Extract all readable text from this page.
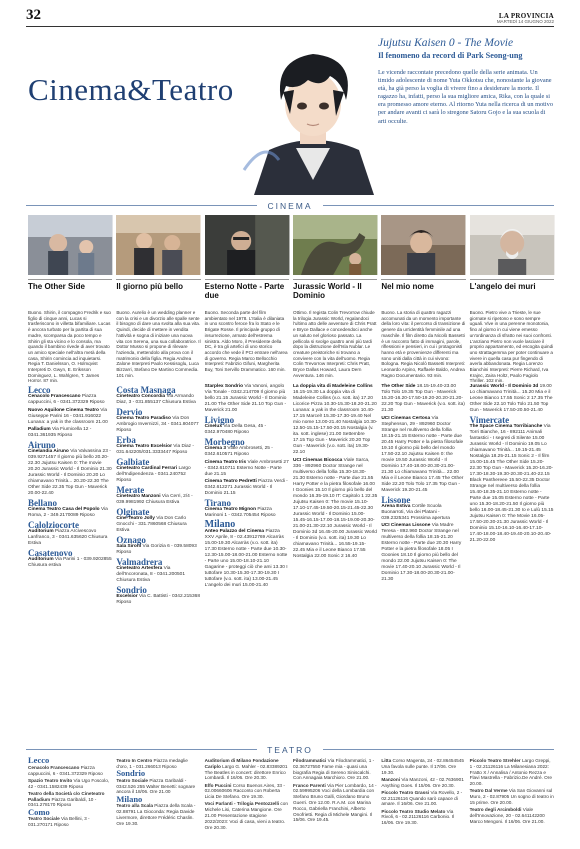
32	LA PROVINCIA
MARTEDÌ 14 GIUGNO 2022
Cinema&Teatro
Jujutsu Kaisen 0 - The Movie
Il fenomeno da record di Park Seong-ung
Le vicende raccontate precedono quelle della serie animata. Un timido adolescente di nome Yuta Okkotsu che, nonostante la giovane età, ha già perso la voglia di vivere fino a desiderare la morte. Il ragazzo ha, infatti, perso la sua migliore amica, Rika, con la quale si era promesso amore eterno. Al ritorno Yuta nella ricerca di un motivo per andare avanti ci sarà lo stregone Satoru Gojo e la sua scuola di arti occulte.
CINEMA
The Other Side	Il giorno più bello	Esterno Notte - Parte due
Jurassic World - Il Dominio
Nel mio nome	L'angelo dei muri
Buono. Shirin, il compagno Fredrik e suo figlio di cinque anni, Lucas si trasferiscono in villetta bifamiliare. Lucas è ancora turbato per la partita di sua madre, scomparsa da poco tempo e Shirin gli sta vicino e lo consola, ma quando il bambino rivede di aver trovato un amico speciale nell'altra metà della casa, Shirin comincia ad inquietarsi. Regia T. Danielsson, O. Holmqvist Interpreti D. Gwyn, E. Eriksson Dominguez, L. Wahlgren, T. James Horror. 87 min.
Buono. Aurelio è un wedding planner e con la crisi e un divorzio alle spalle sente il bisogno di dare una svolta alla sua vita. Quindi, decide di mettere in vendita l'attività e sogna di iniziare una nuova vita con Serena, una sua collaboratrice. Il Dottor Musso si propone di rilevare l'azienda, mettendolo alla prova con il matrimonio della figlia. Regia Andrea Zalone Interpreti Paolo Kessisoglu, Luca Bizzarri, Stefano De Martino Commedia. 101 min.
Buono. Seconda parte del film ambientato nel 1978. L'Italia è dilaniata in uno scontro feroce fra lo Stato e le Brigate Rosse. Il principale gruppo di insurrezione, armato dell'estrema sinistra. Aldo Moro, il Presidente della DC, è tra gli artefici di uno storico accordo che vede il PCI entrare nell'area di governo. Regia Marco Bellocchio Interpreti: Fabrizio Gifuni, Margherita Buy, Toni Servillo Drammatico. 160 min.
Ottimo. Il regista Colin Trevorrow chiude la trilogia Jurassic World, regalandoci l'ultimo atto delle avventure di Chris Pratt e Bryce Dallace e concedendoci anche un saluto nel glorioso passato. La pellicola si svolge quattro anni più tardi dopo la distruzione dell'Isla Nublar. Le creature preistoriche si trovano a convivere con la vita dell'uomo. Regia Colin Trevorrow Interpreti: Chris Pratt, Bryce Dallas Howard, Laura Dern Avventura. 146 min.
Buono. La storia di quattro ragazzi accomunati da un momento importante della loro vita: il percorso di transizione di genere da un'identità femminile ad una maschile. Il film diretto da Nicolò Bassetti è un racconto fatto di immagini, parole, riflessioni e pensieri, in cui i protagonisti hanno età e provenienze differenti ma sono uniti dalla città in cui vivono: Bologna. Regia Nicolò Bassetti Interpreti: Leonardo Arpino, Raffaele Baldo, Andrea Ragno Documentario. 93 min.
Buono. Pietro vive a Trieste, le sue giornate si ripetono e sono sempre uguali. Vive in una perenne monotonia, fino al giorno in cui viene emesso un'ordinanza di sfratto nei suoi confronti. L'anziano Pietro non vuole lasciare il proprio appartamento, ed escogita quindi uno strattagemma per poter continuare a vivere in quella casa pur fingendo di averla abbandonata. Regia Lorenzo Bianchini Interpreti: Pierre Richard, Iva Krajnc, Zaira Holtz, Paolo Fagiolo Thriller. 102 min.
Lecco

Cenacolo Francescano Piazza cappuccini, 6 - 0341.372329 Riposo

Nuovo Aquilone Cinema Teatro Via Giuseppe Parini 16 - 0341.916022 Lunana: a yak in the classroom 21.00

Palladium Via Fiumicella 12 - 0341.361935 Riposo

Airuno

Cinelandia Airuno Via Valvassina 23 - 039.9271457 Il giorno più bello 20.20-22.30 Jujutsu Kaisen 0: The movie 20.20 Jurassic World - Il Dominio 21.30 Jurassic World - Il Dominio 20.20 Lo chiamavano Trinità... 20.20-22.30 The Other Side 22.35 Top Gun - Maverick 20.00-22.40

Bellano

Cinema Teatro Casa del Popolo Via Roma, 2 - 349.2170089 Riposo

Calolziocorte

Auditorium Piazza Arcivescovo Lanfranco, 3 - 0341.635620 Chiusura Estiva

Casatenovo

Auditorium Via Parini 1 - 039.9202855 Chiusura estiva

Costa Masnaga

Cineteatro Concordia Via Armando Diaz, 3 - 031.855137 Chiusura Estiva

Dervio

Cinema Teatro Paradiso Via Don Ambrogio Invernizzi, 34 - 0341.804077 Riposo

Erba

Cinema Teatro Excelsior Via Diaz - 031.642205/031.3333447 Riposo

Galbiate

Cineteatro Cardinal Ferrari Largo dell'Indipendenza - 0341.240752 Riposo

Merate

Cineteatro Manzoni Via Cerri, 2/4 - 039.9981992 Chiusura Estiva

Olginate

Cine-Teatro Jolly Via Don Carlo Gnocchi - 331.7860568 Chiusura Estiva

Oznago

Sala Sironi Via Gorizia 6 - 039.58093 Riposo

Valmadrera

Cineteatro Artesfera Via dell'Incoronata, 8 - 0341.200501 Chiusura Estiva

Sondrio

Excelsior Via C. Battisti - 0342.215368 Riposo

Starplex Sondrio Via Vanoni, angolo Via Tonale - 0342.214709 Il giorno più bello 21.15 Jurassic World - Il Dominio 21.00 The Other Side 21.10 Top Gun - Maverick 21.00

Livigno

Cinelux Via Della Gesa, 45 - 0342.970480 Riposo

Morbegno

Cinema 3 Viale Ambrosetti, 25 - 0342.610571 Riposo

Cinema Teatro Iris Viale Ambrosetti 27 - 0342.610711 Esterno Notte - Parte due 21.15

Cinema Teatro Pedretti Piazza Verdi - 0342.612271 Jurassic World - Il Dominio 21.15

Tirano

Cinema Teatro Mignon Piazza Marinoni 1 - 0342.705454 Riposo

Milano

Anteo Palazzo del Cinema Piazza XXV Aprile, 8 - 02.43912769 Alcarràs 15.00-19.30 Alcarràs (v.o. sott. ita) 17.30 Esterno notte - Parte due 10.30-12.30-15.00-18.00-21.00 Esterno notte - Parte uno 15.00-18.10-21.10 Gagarine - proteggi ciò che ami 13.30 I tuttofare 10.30-15.30-17.30-19.30 I tuttofare (v.o. sott. ita) 13.00-21.45 L'angelo dei muri 15.00-21.40

La doppia vita di Madeleine Collins 16.15-19.30 La doppia vita di Madeleine Collins (v.o. sott. ita) 17.20 Licorice Pizza 10.30-15.30-18.20-21.20 Lunana: a yak in the classroom 10.40-17.15 Marcel! 15.30-17.30-19.40 Nel mio nome 13.00-21.40 Nostalgia 10.30-12.50-15.15-17.50-20.15 Nostalgia (v. ita. sott. inglese) 21.00 Settembre 17.15 Top Gun - Maverick 20.20 Top Gun - Maverick (v.o. sott. ita) 19.30-22.10

UCI Cinemas Bicocca Viale Sarca, 336 - 892960 Doctor Strange nel multiverso della follia 15.30-18.30-21.30 Esterno notte - Parte due 21.55 Harry Potter e la pietra filosofale 16.00 I Goonies 15.10 Il giorno più bello del mondo 16.35-19.10 IT: Capitolo 1 22.35 Jujutsu Kaisen 0: The movie 15.10-17.10-17.45-19.50-20.15-21.45-22.30 Jurassic World - Il Dominio 15.00-15.45-16.15-17.00-18.15-19.00-20.30-21.00-21.30-22.10 Jurassic World - Il Dominio 3d 16.45-20.00 Jurassic World - Il Dominio (v.o. sott. ita) 19.30 Lo chiamavano Trinità... 16.55-19.15-22.45 Mia e il Leone Bianco 17.55 Nostalgia 22.00 Sonic 2 16.40

The Other Side 18.15-19.40-23.00 Tolo Tolo 19.35 Top Gun - Maverick 15.20-16.20-17.50-19.20-20.20-21.20-22.20 Top Gun - Maverick (v.o. sott. ita) 21.30

UCI Cinemas Certosa Via Stephenson, 29 - 892960 Doctor Strange nel multiverso della follia 18.15-21.15 Esterno notte - Parte due 20.45 Harry Potter e la pietra filosofale 19.10 Il giorno più bello del mondo 17.50-22.10 Jujutsu Kaisen 0: the movie 19.50 Jurassic World - Il Dominio 17.40-18.00-20.30-21.00-21.30 Lo chiamavano Trinità... 22.00 Mia e il Leone Bianco 17.45 The Other Side 22.20 Tolo Tolo 17.35 Top Gun - Maverick 19.20-21.45

Lissone

Arena Estiva Cortile Scuola Buonarroti, Via dei Platani - 039.2325341 Prossima apertura

UCI Cinemas Lissone Via Madre Teresa - 892.960 Doctor Strange nel multiverso della follia 18.15-21.20 Esterno notte - Parte due 20.30 Harry Potter e la pietra filosofale 18.05 I Goonies 18.10 Il giorno più bello del mondo 22.00 Jujutsu Kaisen 0: The movie 17.40-20.10 Jurassic World - Il Dominio 17.30-18.00-20.30-21.00-21.30

Jurassic World - Il Dominio 3d 19.00 Lo chiamavano Trinità... 15.20 Mia e il Leone Bianco 17.55 Sonic 2 17.35 The Other Side 22.10 Tolo Tolo 21.50 Top Gun - Maverick 17.50-20.50-21.40

Vimercate

The Space Cinema Torribianche Via Torri Bianche, 16 - 892111 Animali fantastici - I segreti di Silente 15.00 Jurassic World - Il Dominio 19.05 Lo chiamavano Trinità... 19.15-21.45 Nostalgia 18.25-21.15 Sonic 2 - Il film 15.00-15.45 The Other Side 15.20-22.30 Top Gun - Maverick 15.20-16.20-17.30-18.30-19.30-20.30-21.40-22.15 Black Panthereee 15.50-22.35 Doctor Strange nel multiverso della follia 15.40-18.35-21.10 Esterno notte - Parte due 15.05 Esterno notte - Parte uno 15.30-18.20-21.50 Il giorno più bello 16.00-18.45-21.30 Io e Lulù 15.15 Jujutsu Kaisen 0: The Movie 16.05-17.50-20.30-21.30 Jurassic World - Il Dominio 15.10-16.10-16.40-17.10-17.40-18.00-18.40-19.40-20.10-20.40-21.20-22.00

TEATRO
Lecco

Cenacolo Francescano Piazza cappuccini, 6 - 0341.372329 Riposo

Spazio Teatro Invito Via Ugo Foscolo, 42 - 0341.1582439 Riposo

Teatro della Società c/o Cineteatro Palladium Piazza Garibaldi, 10 - 0341.278170 Riposo

Como

Teatro Sociale Via Bellini, 3 - 031.270171 Riposo

Teatro In Centro Piazza medaglie d'oro, 1 - 031.266013 Riposo

Sondrio

Teatro Sociale Piazza Garibaldi - 0342.526 255 Walter Benetti: sognare ancora il 18/06. Ore 21.00

Milano

Teatro alla Scala Piazza della Scala - 02.88791 La Gioconda: Regia Davide Livermore, direttore Frédéric Chaslin. Ore 19.30.

Auditorium di Milano Fondazione Cariplo Largo G. Mahler - 02.83389201 The Beatles in concert: direttore Enrico Lombardi. Il 16/06. Ore 20.30.

Elfo Puccini Corso Buenos Aires, 33 - 02.00660606 Racconto con Roberta Licia De Stefano. Ore 19.30.

Voci Parlanti - Trilogia Pentozzelli con Michele Lisi, Caterina Mangione. Ore 21.00 Presentazione stagione 2022/2023: Voci di casa, vieni a teatro. Ore 20.30.

Filodrammatici Via Filodrammatici, 1 - 02.36727550 Fame mia - quasi una biografia Regia di Sereno Siniscalchi. Con Annagaia Marchioro. Ore 21.00.

Franco Parenti Via Pier Lombardo, 14 - 02.59995206 Voci della Lombardia con Stefano Bruno Galli, Giordano Bruno Guerri. Ore 12.00. R.A.M. con Marina Rocco, Gabriella Franchini, Alberto Onofrietti. Regia di Michele Mangini. Il 15/06. Ore 19.45.

Litta Corso Magenta, 24 - 02.86454545 Una favola sulle punte. Il 17/06. Ore 19.30.

Manzoni Via Manzoni, 42 - 02.7636901 Anything Goes. Il 15/06. Ore 20.30.

Piccolo Teatro Grassi Via Rovello, 2 - 02.21126116 Quando sarò capace di amare. Il 16/06. Ore 21.00.

Piccolo Teatro Studio Melato Via Rivoli, 6 - 02.21126116 Carbonio. Il 16/06. Ore 19.30.

Piccolo Teatro Strehler Largo Greppi, 1 - 02.21126116 La Milanesiana 2022: Fratto X / Annalisa / Antonio Rezza e Flavi Mastrella - Fabrizio.De André. Ore 20.00.

Teatro Dal Verme Via San Giovanni sul Muro, 2 - 02.87905 Un sogno di teatro in 15 prime. Ore 20.00.

Teatro degli Arcimboldi Viale dell'Innovazione, 20 - 02.641142200 Marco Mengoni. Il 16/06. Ore 21.00.
